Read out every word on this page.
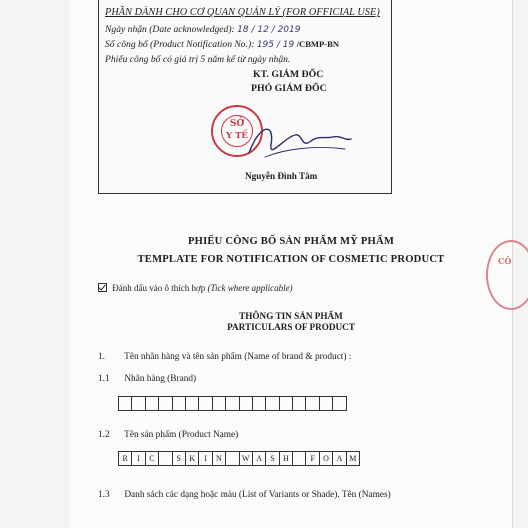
PHẦN DÀNH CHO CƠ QUAN QUẢN LÝ (FOR OFFICIAL USE)
Ngày nhận (Date acknowledged): 18 / 12 / 2019
Số công bố (Product Notification No.): 195 / 19 /CBMP-BN
Phiếu công bố có giá trị 5 năm kể từ ngày nhận.
KT. GIÁM ĐỐC
PHÓ GIÁM ĐỐC
SỞ
Y TẾ
Nguyễn Đình Tâm
CÔ
PHIẾU CÔNG BỐ SẢN PHẨM MỸ PHẨM
TEMPLATE FOR NOTIFICATION OF COSMETIC PRODUCT
Đánh dấu vào ô thích hợp (Tick where applicable)
THÔNG TIN SẢN PHẨM
PARTICULARS OF PRODUCT
1. Tên nhãn hàng và tên sản phẩm (Name of brand & product) :
1.1 Nhãn hàng (Brand)
1.2 Tên sản phẩm (Product Name)
R	I	C	S	K	I	N	W A	S	H	F	O A M
1.3 Danh sách các dạng hoặc màu (List of Variants or Shade). Tên (Names)
